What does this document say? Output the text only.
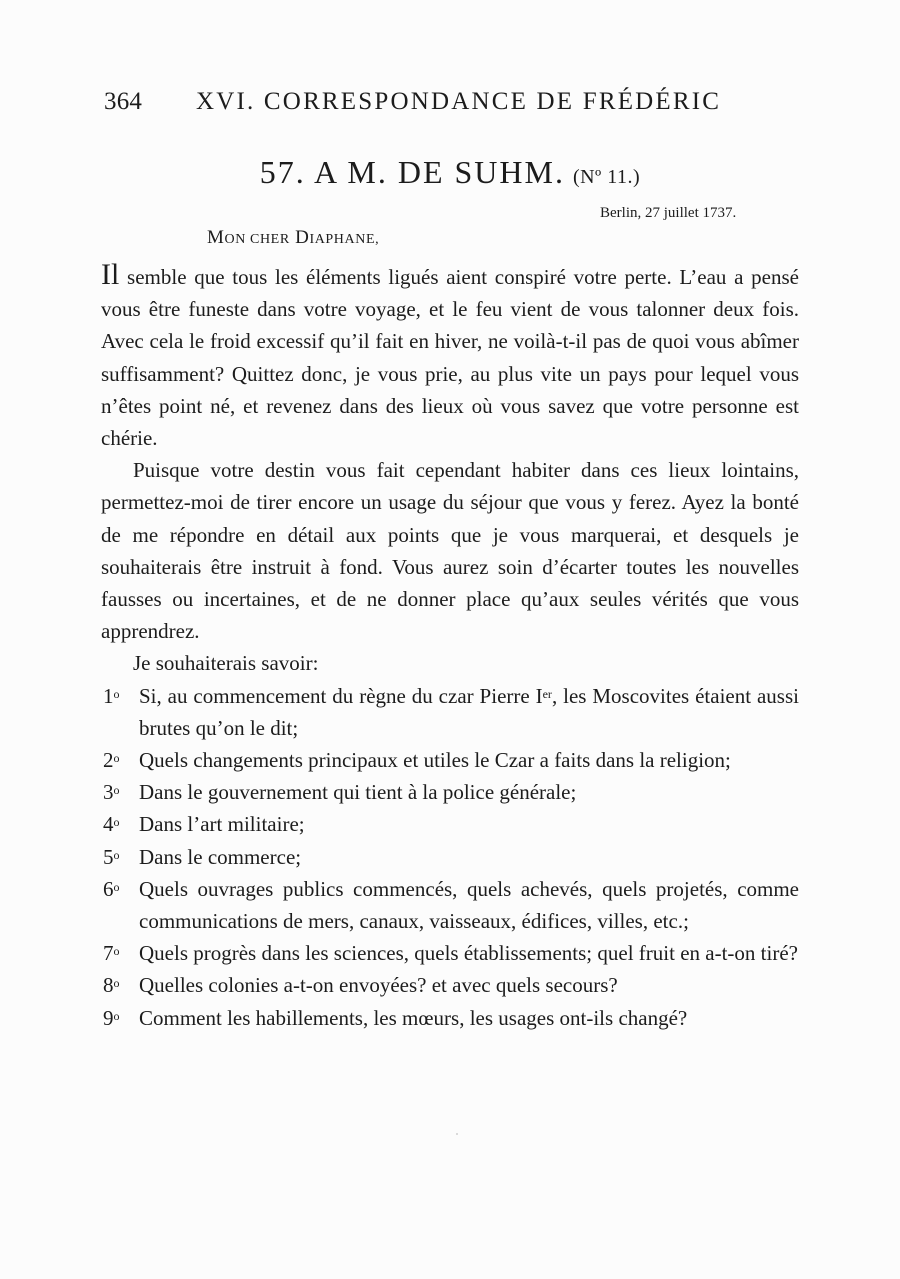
364 XVI. CORRESPONDANCE DE FRÉDÉRIC
57. A M. DE SUHM. (Nº 11.)
Berlin, 27 juillet 1737.
MON CHER DIAPHANE,

Il semble que tous les éléments ligués aient conspiré votre perte. L’eau a pensé vous être funeste dans votre voyage, et le feu vient de vous talonner deux fois. Avec cela le froid excessif qu’il fait en hiver, ne voilà-t-il pas de quoi vous abîmer suffisamment? Quittez donc, je vous prie, au plus vite un pays pour lequel vous n’êtes point né, et revenez dans des lieux où vous savez que votre personne est chérie.

Puisque votre destin vous fait cependant habiter dans ces lieux lointains, permettez-moi de tirer encore un usage du séjour que vous y ferez. Ayez la bonté de me répondre en détail aux points que je vous marquerai, et desquels je souhaiterais être instruit à fond. Vous aurez soin d’écarter toutes les nouvelles fausses ou incertaines, et de ne donner place qu’aux seules vérités que vous apprendrez.

Je souhaiterais savoir:

1$^o$ Si, au commencement du règne du czar Pierre Ier, les Moscovites étaient aussi brutes qu’on le dit;
2$^o$ Quels changements principaux et utiles le Czar a faits dans la religion;
3$^o$ Dans le gouvernement qui tient à la police générale;
4$^o$ Dans l’art militaire;
5$^o$ Dans le commerce;
6$^o$ Quels ouvrages publics commencés, quels achevés, quels projetés, comme communications de mers, canaux, vaisseaux, édifices, villes, etc.;
7$^o$ Quels progrès dans les sciences, quels établissements; quel fruit en a-t-on tiré?
8$^o$ Quelles colonies a-t-on envoyées? et avec quels secours?
9$^o$ Comment les habillements, les mœurs, les usages ont-ils changé?
